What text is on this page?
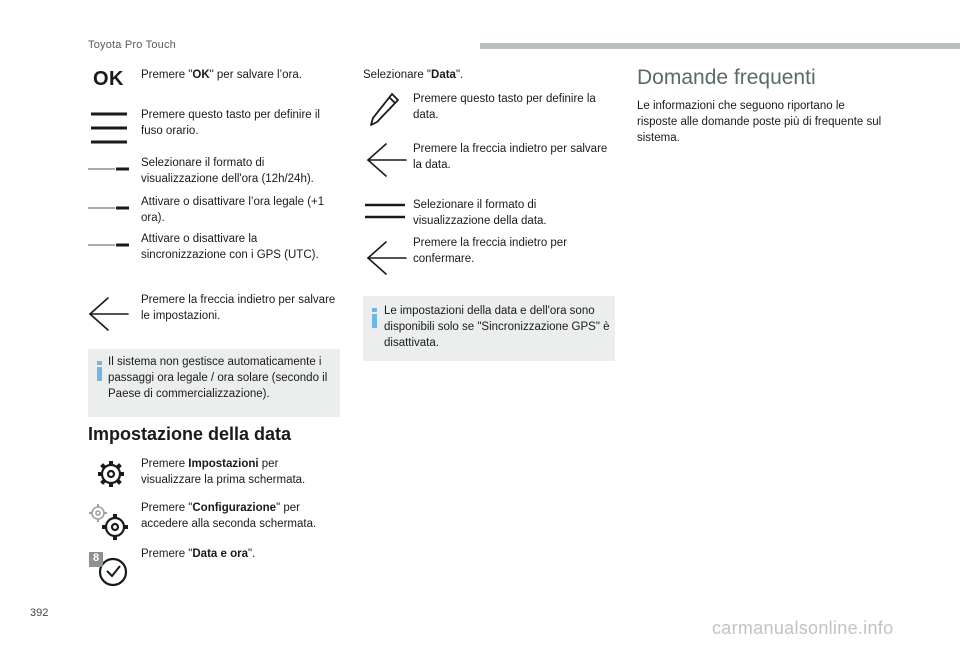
Toyota Pro Touch
OK Premere "OK" per salvare l’ora.
Premere questo tasto per definire il fuso orario.
Selezionare il formato di visualizzazione dell'ora (12h/24h).
Attivare o disattivare l’ora legale (+1 ora).
Attivare o disattivare la sincronizzazione con i GPS (UTC).
Premere la freccia indietro per salvare le impostazioni.
Il sistema non gestisce automaticamente i passaggi ora legale / ora solare (secondo il Paese di commercializzazione).
Impostazione della data
Premere Impostazioni per visualizzare la prima schermata.
Premere "Configurazione" per accedere alla seconda schermata.
8	Premere "Data e ora".
Selezionare "Data".
Premere questo tasto per definire la data.
Premere la freccia indietro per salvare la data.
Selezionare il formato di visualizzazione della data.
Premere la freccia indietro per confermare.
Le impostazioni della data e dell'ora sono disponibili solo se "Sincronizzazione GPS" è disattivata.
Domande frequenti
Le informazioni che seguono riportano le risposte alle domande poste più di frequente sul sistema.
392
carmanualsonline.info
